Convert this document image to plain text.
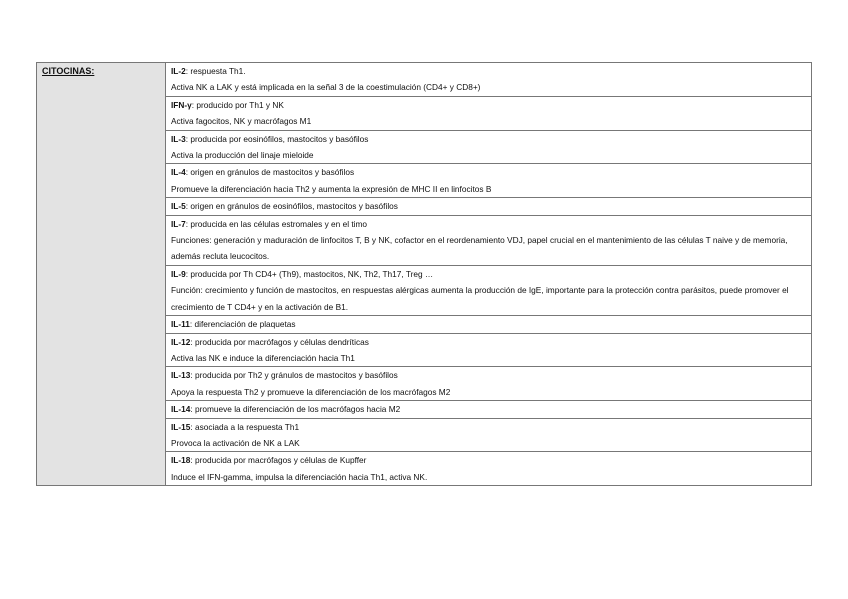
CITOCINAS:	IL-2: respuesta Th1.
Activa NK a LAK y está implicada en la señal 3 de la coestimulación (CD4+ y CD8+)

IFN-γ: producido por Th1 y NK
Activa fagocitos, NK y macrófagos M1

IL-3: producida por eosinófilos, mastocitos y basófilos
Activa la producción del linaje mieloide

IL-4: origen en gránulos de mastocitos y basófilos
Promueve la diferenciación hacia Th2 y aumenta la expresión de MHC II en linfocitos B

IL-5: origen en gránulos de eosinófilos, mastocitos y basófilos

IL-7: producida en las células estromales y en el timo
Funciones: generación y maduración de linfocitos T, B y NK, cofactor en el reordenamiento VDJ, papel crucial en el mantenimiento de las células T naive y de memoria, además recluta leucocitos.

IL-9: producida por Th CD4+ (Th9), mastocitos, NK, Th2, Th17, Treg …
Función: crecimiento y función de mastocitos, en respuestas alérgicas aumenta la producción de IgE, importante para la protección contra parásitos, puede promover el crecimiento de T CD4+ y en la activación de B1.

IL-11: diferenciación de plaquetas

IL-12: producida por macrófagos y células dendríticas
Activa las NK e induce la diferenciación hacia Th1

IL-13: producida por Th2 y gránulos de mastocitos y basófilos
Apoya la respuesta Th2 y promueve la diferenciación de los macrófagos M2

IL-14: promueve la diferenciación de los macrófagos hacia M2

IL-15: asociada a la respuesta Th1
Provoca la activación de NK a LAK

IL-18: producida por macrófagos y células de Kupffer
Induce el IFN-gamma, impulsa la diferenciación hacia Th1, activa NK.
